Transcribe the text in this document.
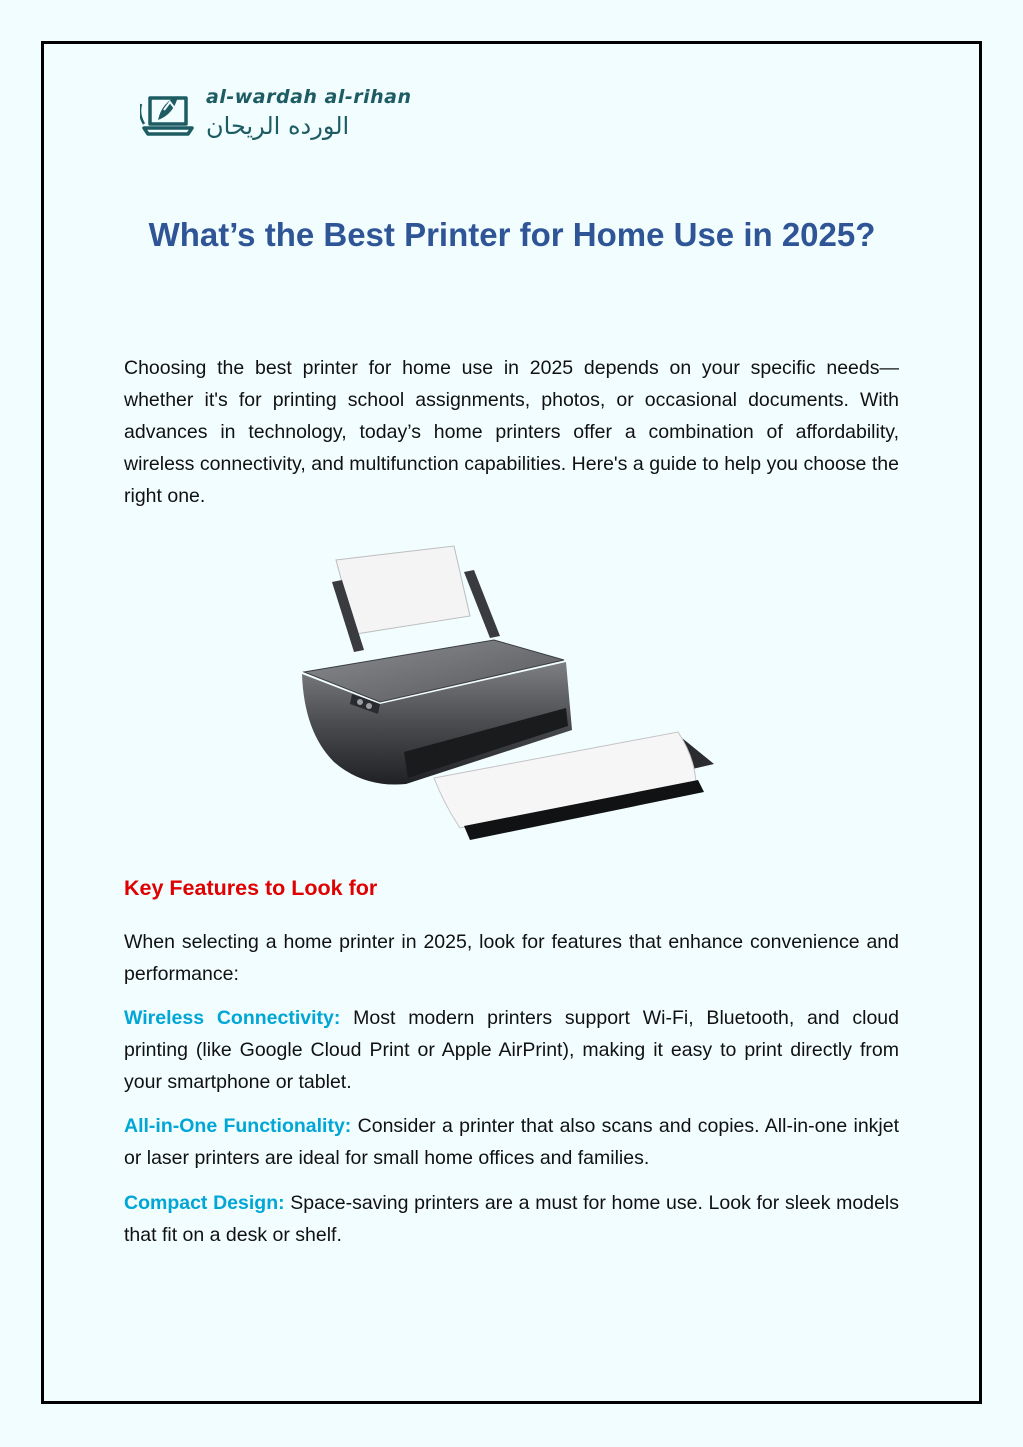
al-wardah al-rihan
الورده الريحان
What’s the Best Printer for Home Use in 2025?

Choosing the best printer for home use in 2025 depends on your specific needs—whether it's for printing school assignments, photos, or occasional documents. With advances in technology, today’s home printers offer a combination of affordability, wireless connectivity, and multifunction capabilities. Here's a guide to help you choose the right one.

Key Features to Look for

When selecting a home printer in 2025, look for features that enhance convenience and performance:

Wireless Connectivity: Most modern printers support Wi-Fi, Bluetooth, and cloud printing (like Google Cloud Print or Apple AirPrint), making it easy to print directly from your smartphone or tablet.

All-in-One Functionality: Consider a printer that also scans and copies. All-in-one inkjet or laser printers are ideal for small home offices and families.

Compact Design: Space-saving printers are a must for home use. Look for sleek models that fit on a desk or shelf.
